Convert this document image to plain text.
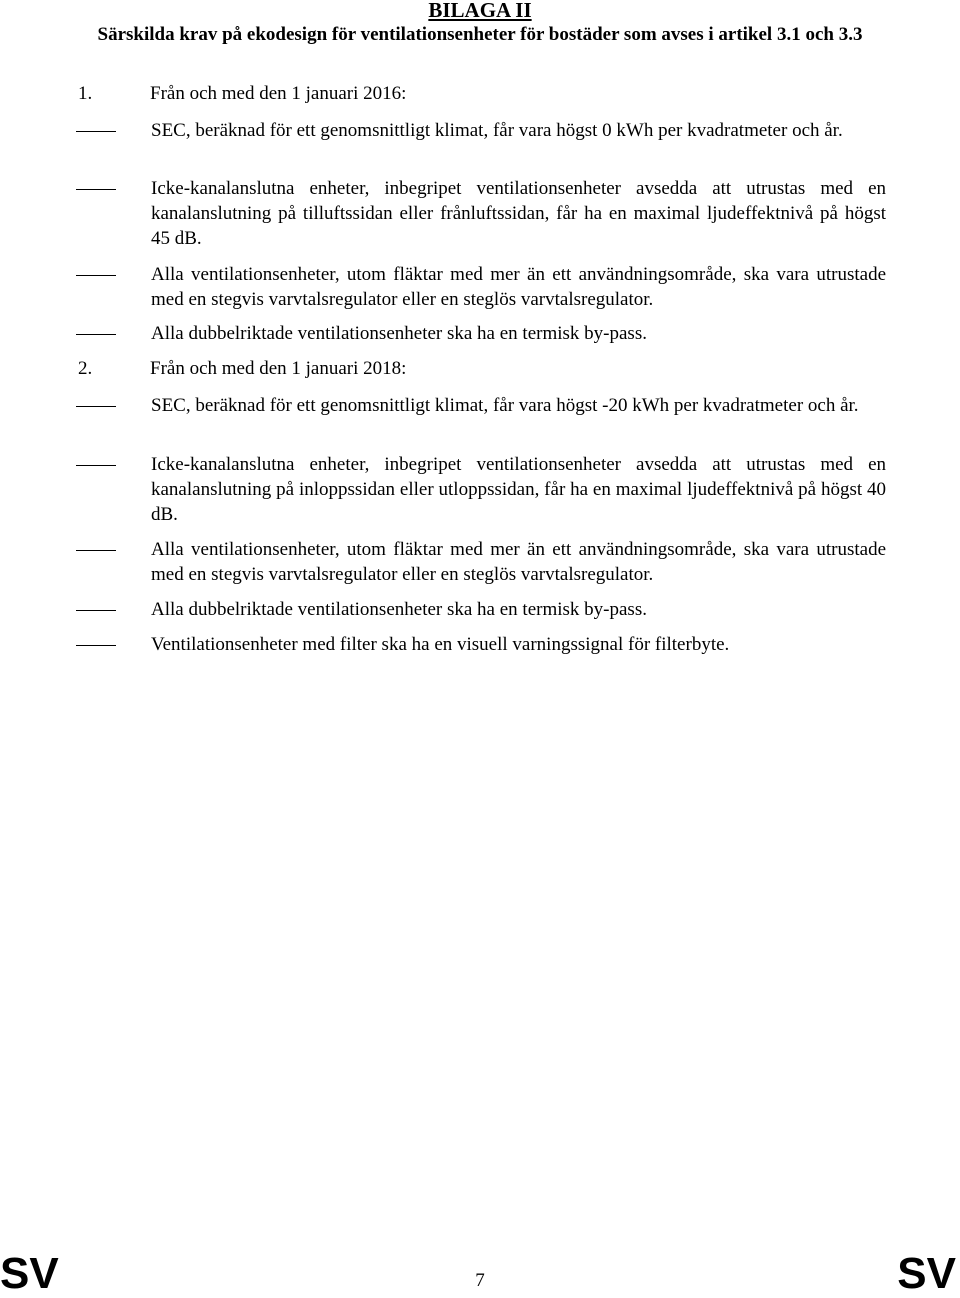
BILAGA II
Särskilda krav på ekodesign för ventilationsenheter för bostäder som avses i artikel 3.1 och 3.3
1.	Från och med den 1 januari 2016:
SEC, beräknad för ett genomsnittligt klimat, får vara högst 0 kWh per kvadratmeter och år.
Icke-kanalanslutna enheter, inbegripet ventilationsenheter avsedda att utrustas med en kanalanslutning på tilluftssidan eller frånluftssidan, får ha en maximal ljudeffektnivå på högst 45 dB.
Alla ventilationsenheter, utom fläktar med mer än ett användningsområde, ska vara utrustade med en stegvis varvtalsregulator eller en steglös varvtalsregulator.
Alla dubbelriktade ventilationsenheter ska ha en termisk by-pass.
2.	Från och med den 1 januari 2018:
SEC, beräknad för ett genomsnittligt klimat, får vara högst -20 kWh per kvadratmeter och år.
Icke-kanalanslutna enheter, inbegripet ventilationsenheter avsedda att utrustas med en kanalanslutning på inloppssidan eller utloppssidan, får ha en maximal ljudeffektnivå på högst 40 dB.
Alla ventilationsenheter, utom fläktar med mer än ett användningsområde, ska vara utrustade med en stegvis varvtalsregulator eller en steglös varvtalsregulator.
Alla dubbelriktade ventilationsenheter ska ha en termisk by-pass.
Ventilationsenheter med filter ska ha en visuell varningssignal för filterbyte.
SV	7	SV
